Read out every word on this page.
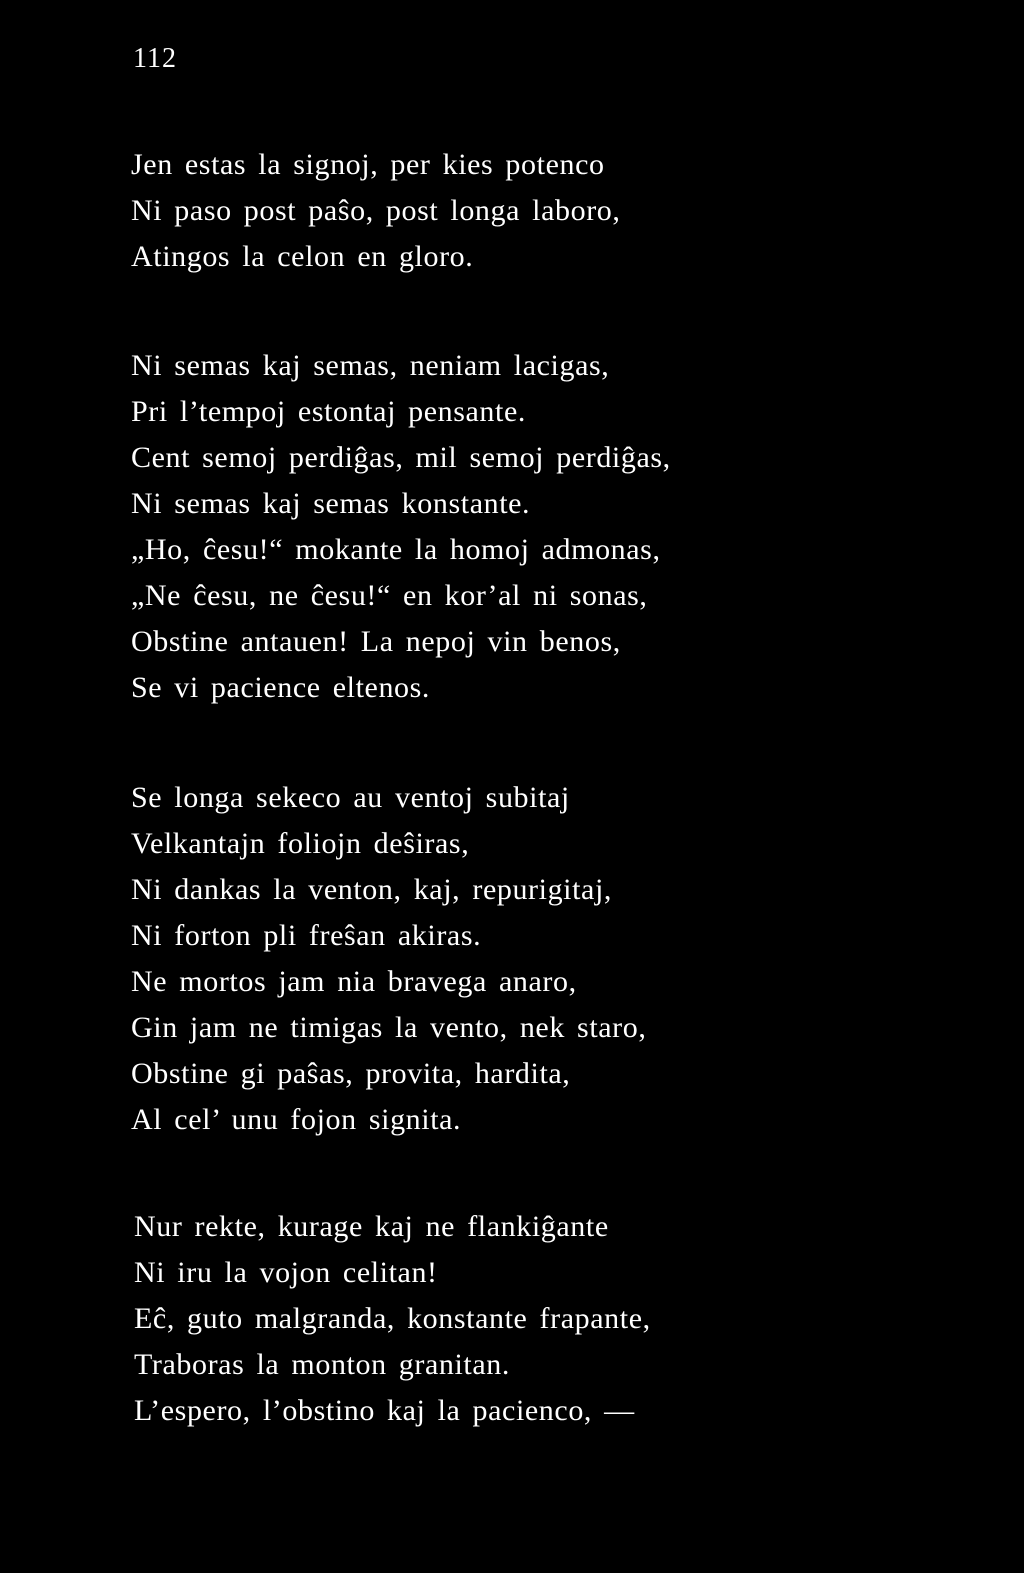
112
Jen estas la signoj, per kies potenco
Ni paso post paŝo, post longa laboro,
Atingos la celon en gloro.
Ni semas kaj semas, neniam lacigas,
Pri l’tempoj estontaj pensante.
Cent semoj perdiĝas, mil semoj perdiĝas,
Ni semas kaj semas konstante.
„Ho, ĉesu!“ mokante la homoj admonas,
„Ne ĉesu, ne ĉesu!“ en kor’al ni sonas,
Obstine antauen! La nepoj vin benos,
Se vi pacience eltenos.
Se longa sekeco au ventoj subitaj
Velkantajn foliojn deŝiras,
Ni dankas la venton, kaj, repurigitaj,
Ni forton pli freŝan akiras.
Ne mortos jam nia bravega anaro,
Gin jam ne timigas la vento, nek staro,
Obstine gi paŝas, provita, hardita,
Al cel’ unu fojon signita.
Nur rekte, kurage kaj ne flankiĝante
Ni iru la vojon celitan!
Eĉ, guto malgranda, konstante frapante,
Traboras la monton granitan.
L’espero, l’obstino kaj la pacienco, —
